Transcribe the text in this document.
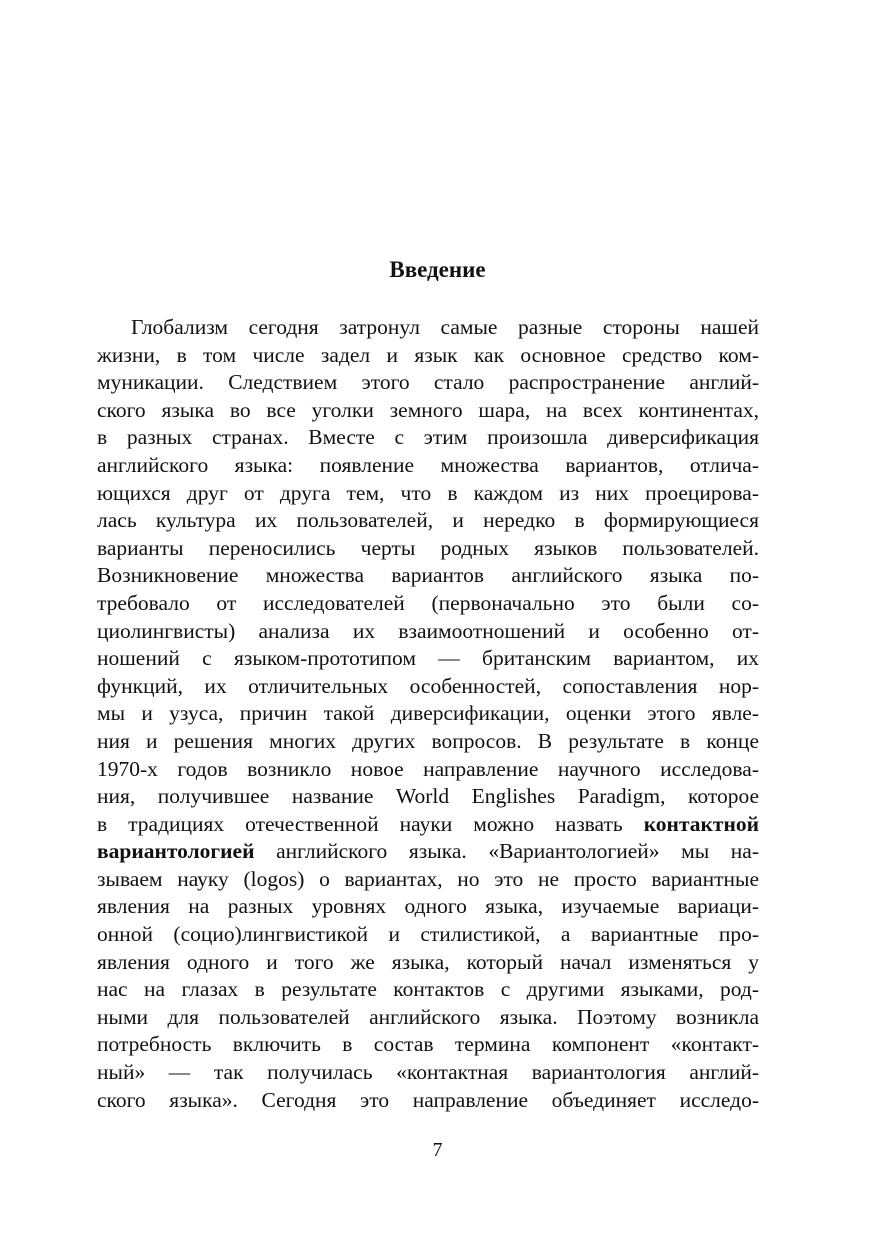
Введение
Глобализм сегодня затронул самые разные стороны нашей
жизни, в том числе задел и язык как основное средство ком-
муникации. Следствием этого стало распространение англий-
ского языка во все уголки земного шара, на всех континентах,
в разных странах. Вместе с этим произошла диверсификация
английского языка: появление множества вариантов, отлича-
ющихся друг от друга тем, что в каждом из них проецирова-
лась культура их пользователей, и нередко в формирующиеся
варианты переносились черты родных языков пользователей.
Возникновение множества вариантов английского языка по-
требовало от исследователей (первоначально это были со-
циолингвисты) анализа их взаимоотношений и особенно от-
ношений с языком-прототипом — британским вариантом, их
функций, их отличительных особенностей, сопоставления нор-
мы и узуса, причин такой диверсификации, оценки этого явле-
ния и решения многих других вопросов. В результате в конце
1970-х годов возникло новое направление научного исследова-
ния, получившее название World Englishes Paradigm, которое
в традициях отечественной науки можно назвать контактной
вариантологией английского языка. «Вариантологией» мы на-
зываем науку (logos) о вариантах, но это не просто вариантные
явления на разных уровнях одного языка, изучаемые вариаци-
онной (социо)лингвистикой и стилистикой, а вариантные про-
явления одного и того же языка, который начал изменяться у
нас на глазах в результате контактов с другими языками, род-
ными для пользователей английского языка. Поэтому возникла
потребность включить в состав термина компонент «контакт-
ный» — так получилась «контактная вариантология англий-
ского языка». Сегодня это направление объединяет исследо-
7
